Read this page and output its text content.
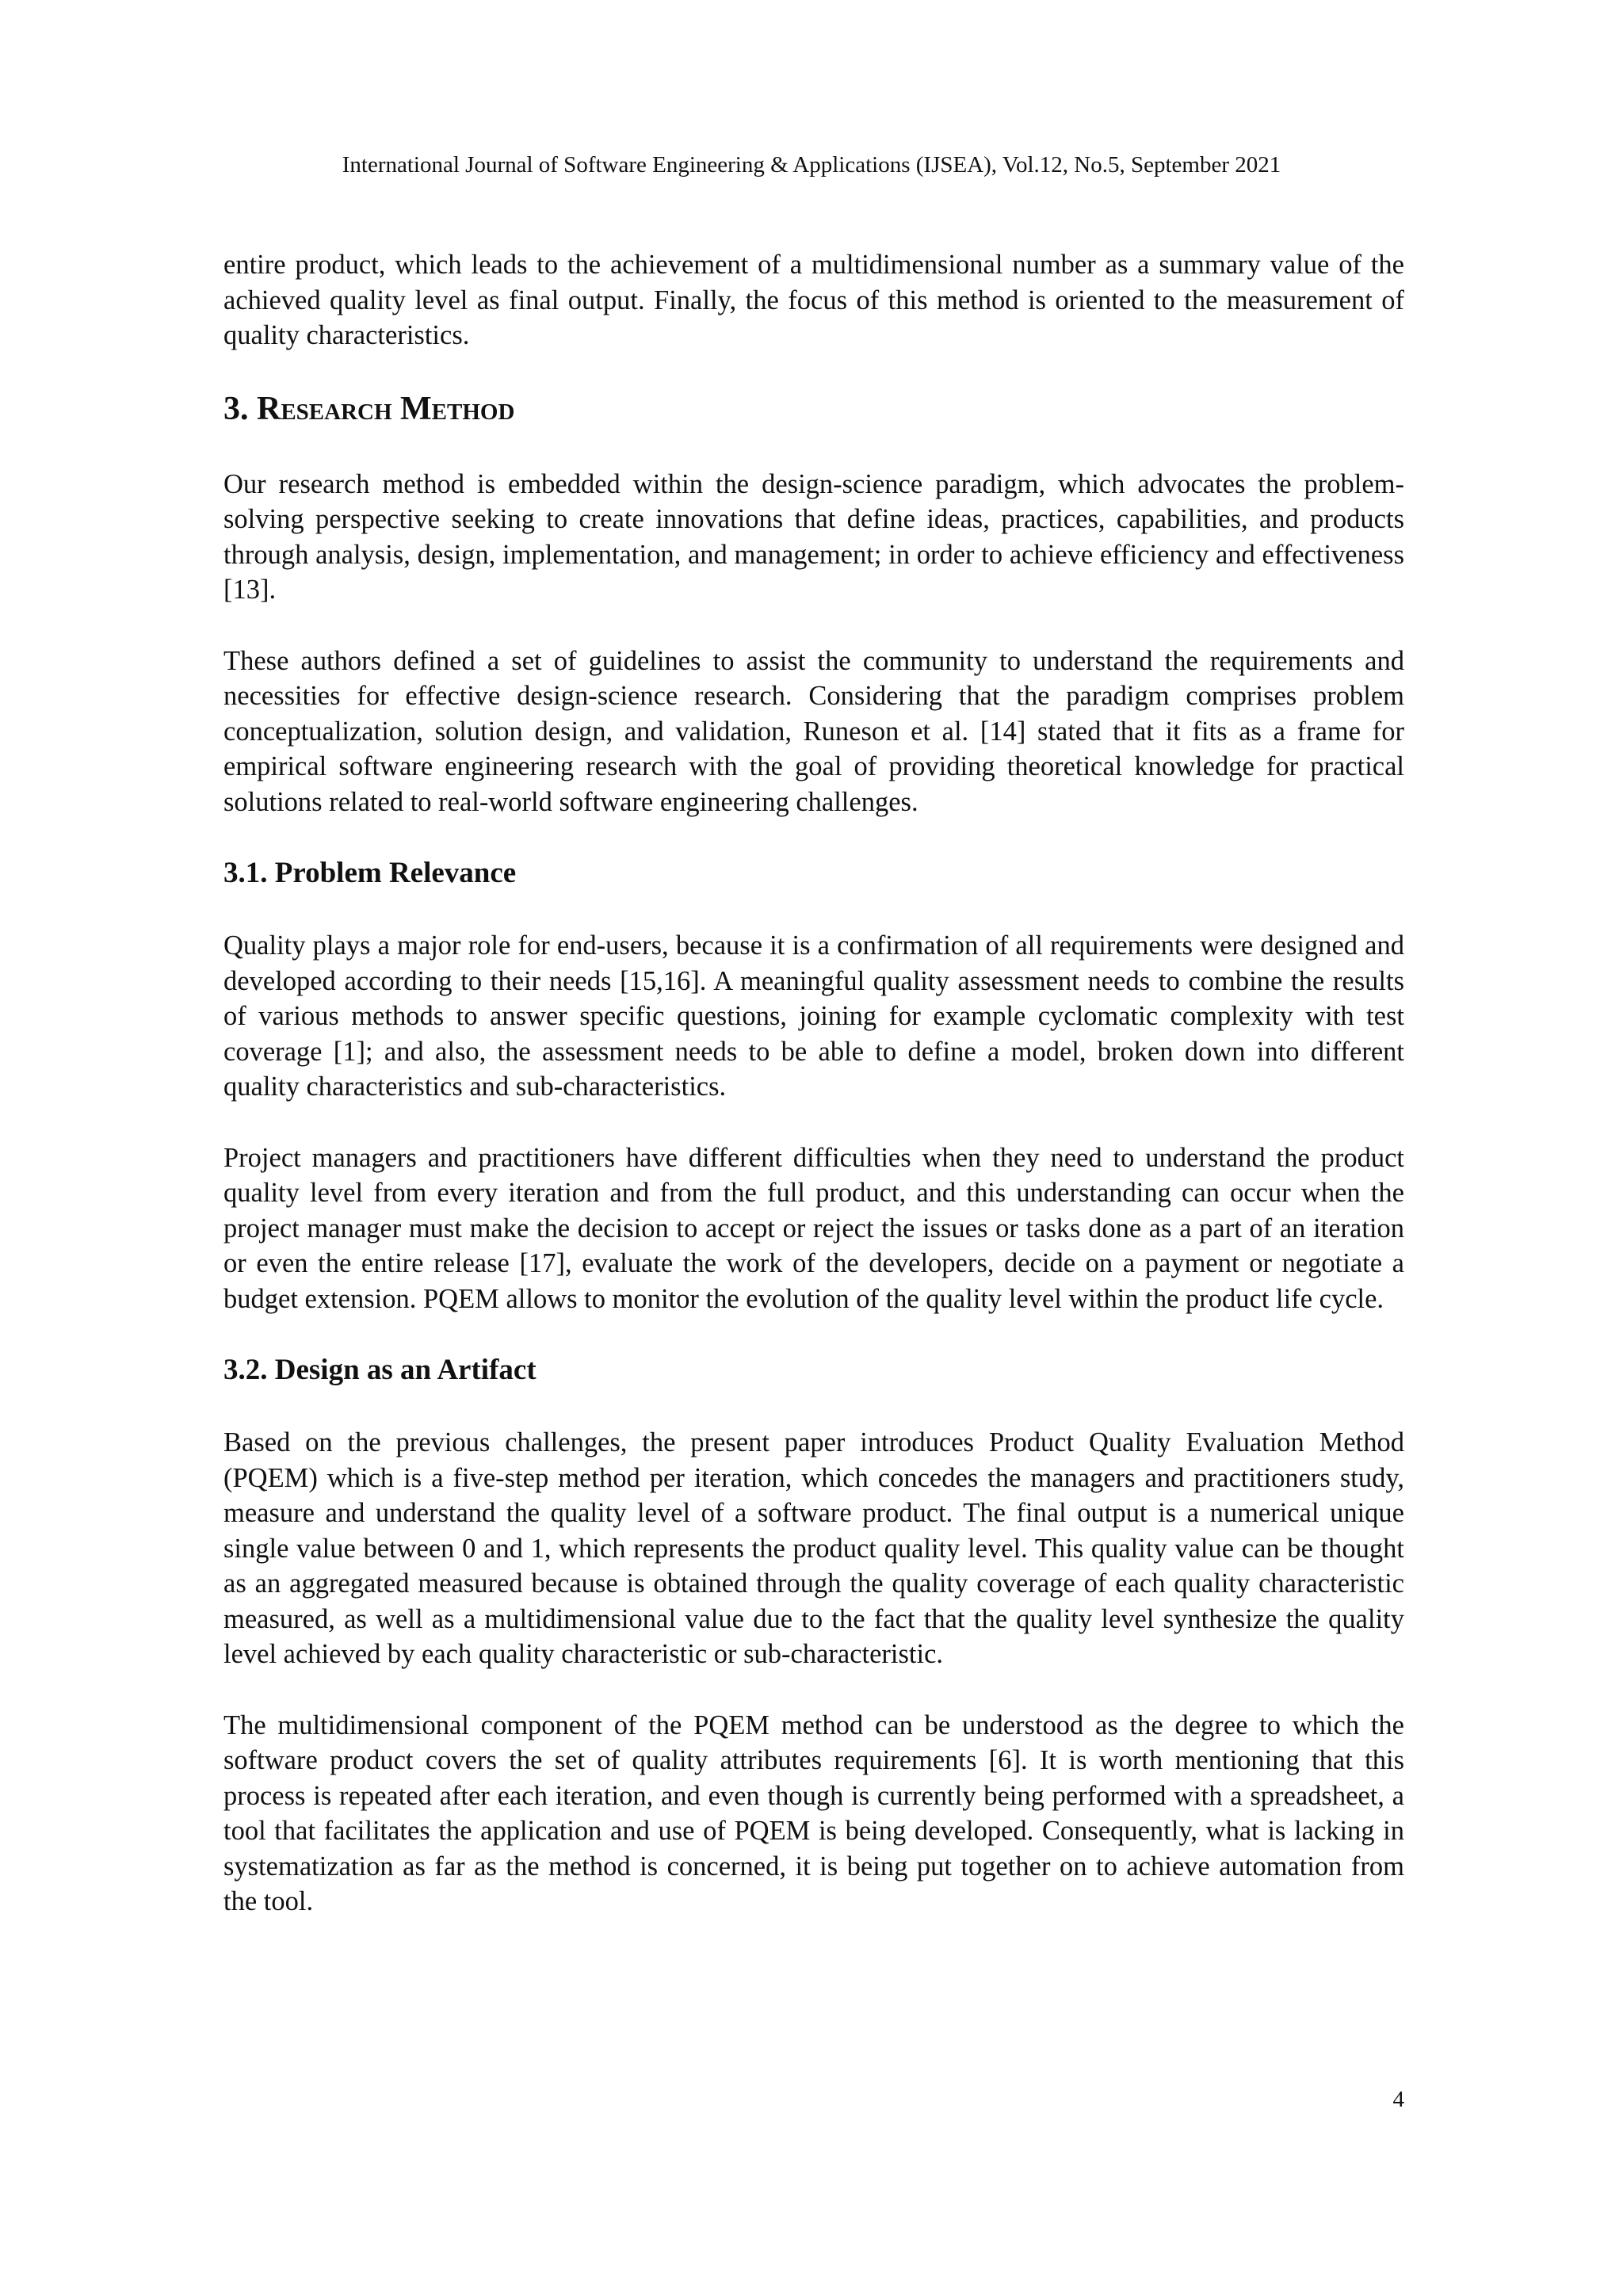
International Journal of Software Engineering & Applications (IJSEA), Vol.12, No.5, September 2021

entire product, which leads to the achievement of a multidimensional number as a summary value of the achieved quality level as final output. Finally, the focus of this method is oriented to the measurement of quality characteristics.

3. Research Method

Our research method is embedded within the design-science paradigm, which advocates the problem-solving perspective seeking to create innovations that define ideas, practices, capabilities, and products through analysis, design, implementation, and management; in order to achieve efficiency and effectiveness [13].

These authors defined a set of guidelines to assist the community to understand the requirements and necessities for effective design-science research. Considering that the paradigm comprises problem conceptualization, solution design, and validation, Runeson et al. [14] stated that it fits as a frame for empirical software engineering research with the goal of providing theoretical knowledge for practical solutions related to real-world software engineering challenges.

3.1. Problem Relevance

Quality plays a major role for end-users, because it is a confirmation of all requirements were designed and developed according to their needs [15,16]. A meaningful quality assessment needs to combine the results of various methods to answer specific questions, joining for example cyclomatic complexity with test coverage [1]; and also, the assessment needs to be able to define a model, broken down into different quality characteristics and sub-characteristics.

Project managers and practitioners have different difficulties when they need to understand the product quality level from every iteration and from the full product, and this understanding can occur when the project manager must make the decision to accept or reject the issues or tasks done as a part of an iteration or even the entire release [17], evaluate the work of the developers, decide on a payment or negotiate a budget extension. PQEM allows to monitor the evolution of the quality level within the product life cycle.

3.2. Design as an Artifact

Based on the previous challenges, the present paper introduces Product Quality Evaluation Method (PQEM) which is a five-step method per iteration, which concedes the managers and practitioners study, measure and understand the quality level of a software product. The final output is a numerical unique single value between 0 and 1, which represents the product quality level. This quality value can be thought as an aggregated measured because is obtained through the quality coverage of each quality characteristic measured, as well as a multidimensional value due to the fact that the quality level synthesize the quality level achieved by each quality characteristic or sub-characteristic.

The multidimensional component of the PQEM method can be understood as the degree to which the software product covers the set of quality attributes requirements [6]. It is worth mentioning that this process is repeated after each iteration, and even though is currently being performed with a spreadsheet, a tool that facilitates the application and use of PQEM is being developed. Consequently, what is lacking in systematization as far as the method is concerned, it is being put together on to achieve automation from the tool.

4
